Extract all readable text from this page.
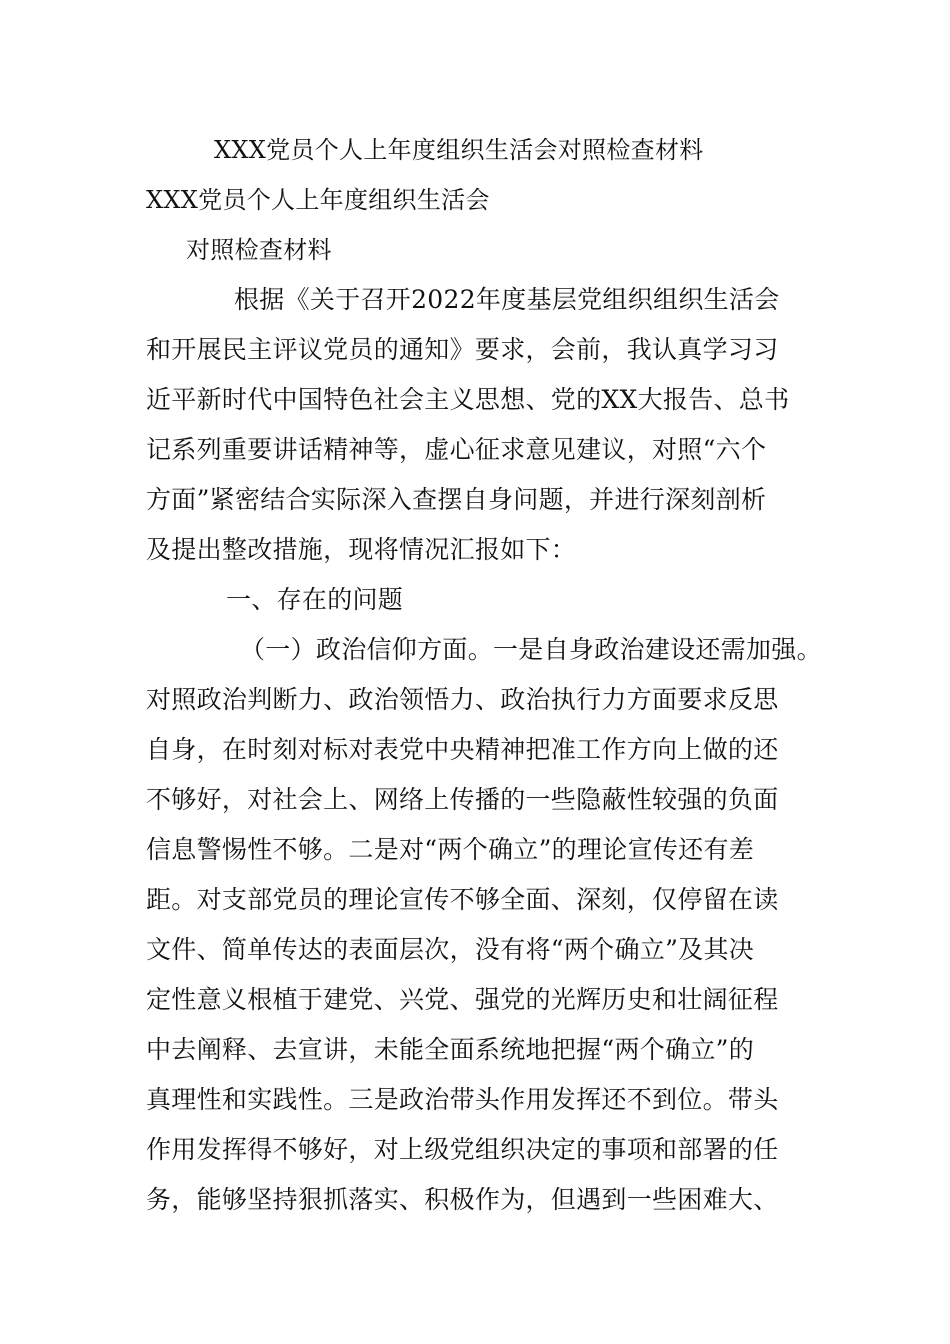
XXX党员个人上年度组织生活会对照检查材料

XXX党员个人上年度组织生活会

对照检查材料

根据《关于召开2022年度基层党组织组织生活会
和开展民主评议党员的通知》要求，会前，我认真学习习
近平新时代中国特色社会主义思想、党的XX大报告、总书
记系列重要讲话精神等，虚心征求意见建议，对照“六个
方面”紧密结合实际深入查摆自身问题，并进行深刻剖析
及提出整改措施，现将情况汇报如下：
一、存在的问题
（一）政治信仰方面。一是自身政治建设还需加强。
对照政治判断力、政治领悟力、政治执行力方面要求反思
自身，在时刻对标对表党中央精神把准工作方向上做的还
不够好，对社会上、网络上传播的一些隐蔽性较强的负面
信息警惕性不够。二是对“两个确立”的理论宣传还有差
距。对支部党员的理论宣传不够全面、深刻，仅停留在读
文件、简单传达的表面层次，没有将“两个确立”及其决
定性意义根植于建党、兴党、强党的光辉历史和壮阔征程
中去阐释、去宣讲，未能全面系统地把握“两个确立”的
真理性和实践性。三是政治带头作用发挥还不到位。带头
作用发挥得不够好，对上级党组织决定的事项和部署的任
务，能够坚持狠抓落实、积极作为，但遇到一些困难大、
